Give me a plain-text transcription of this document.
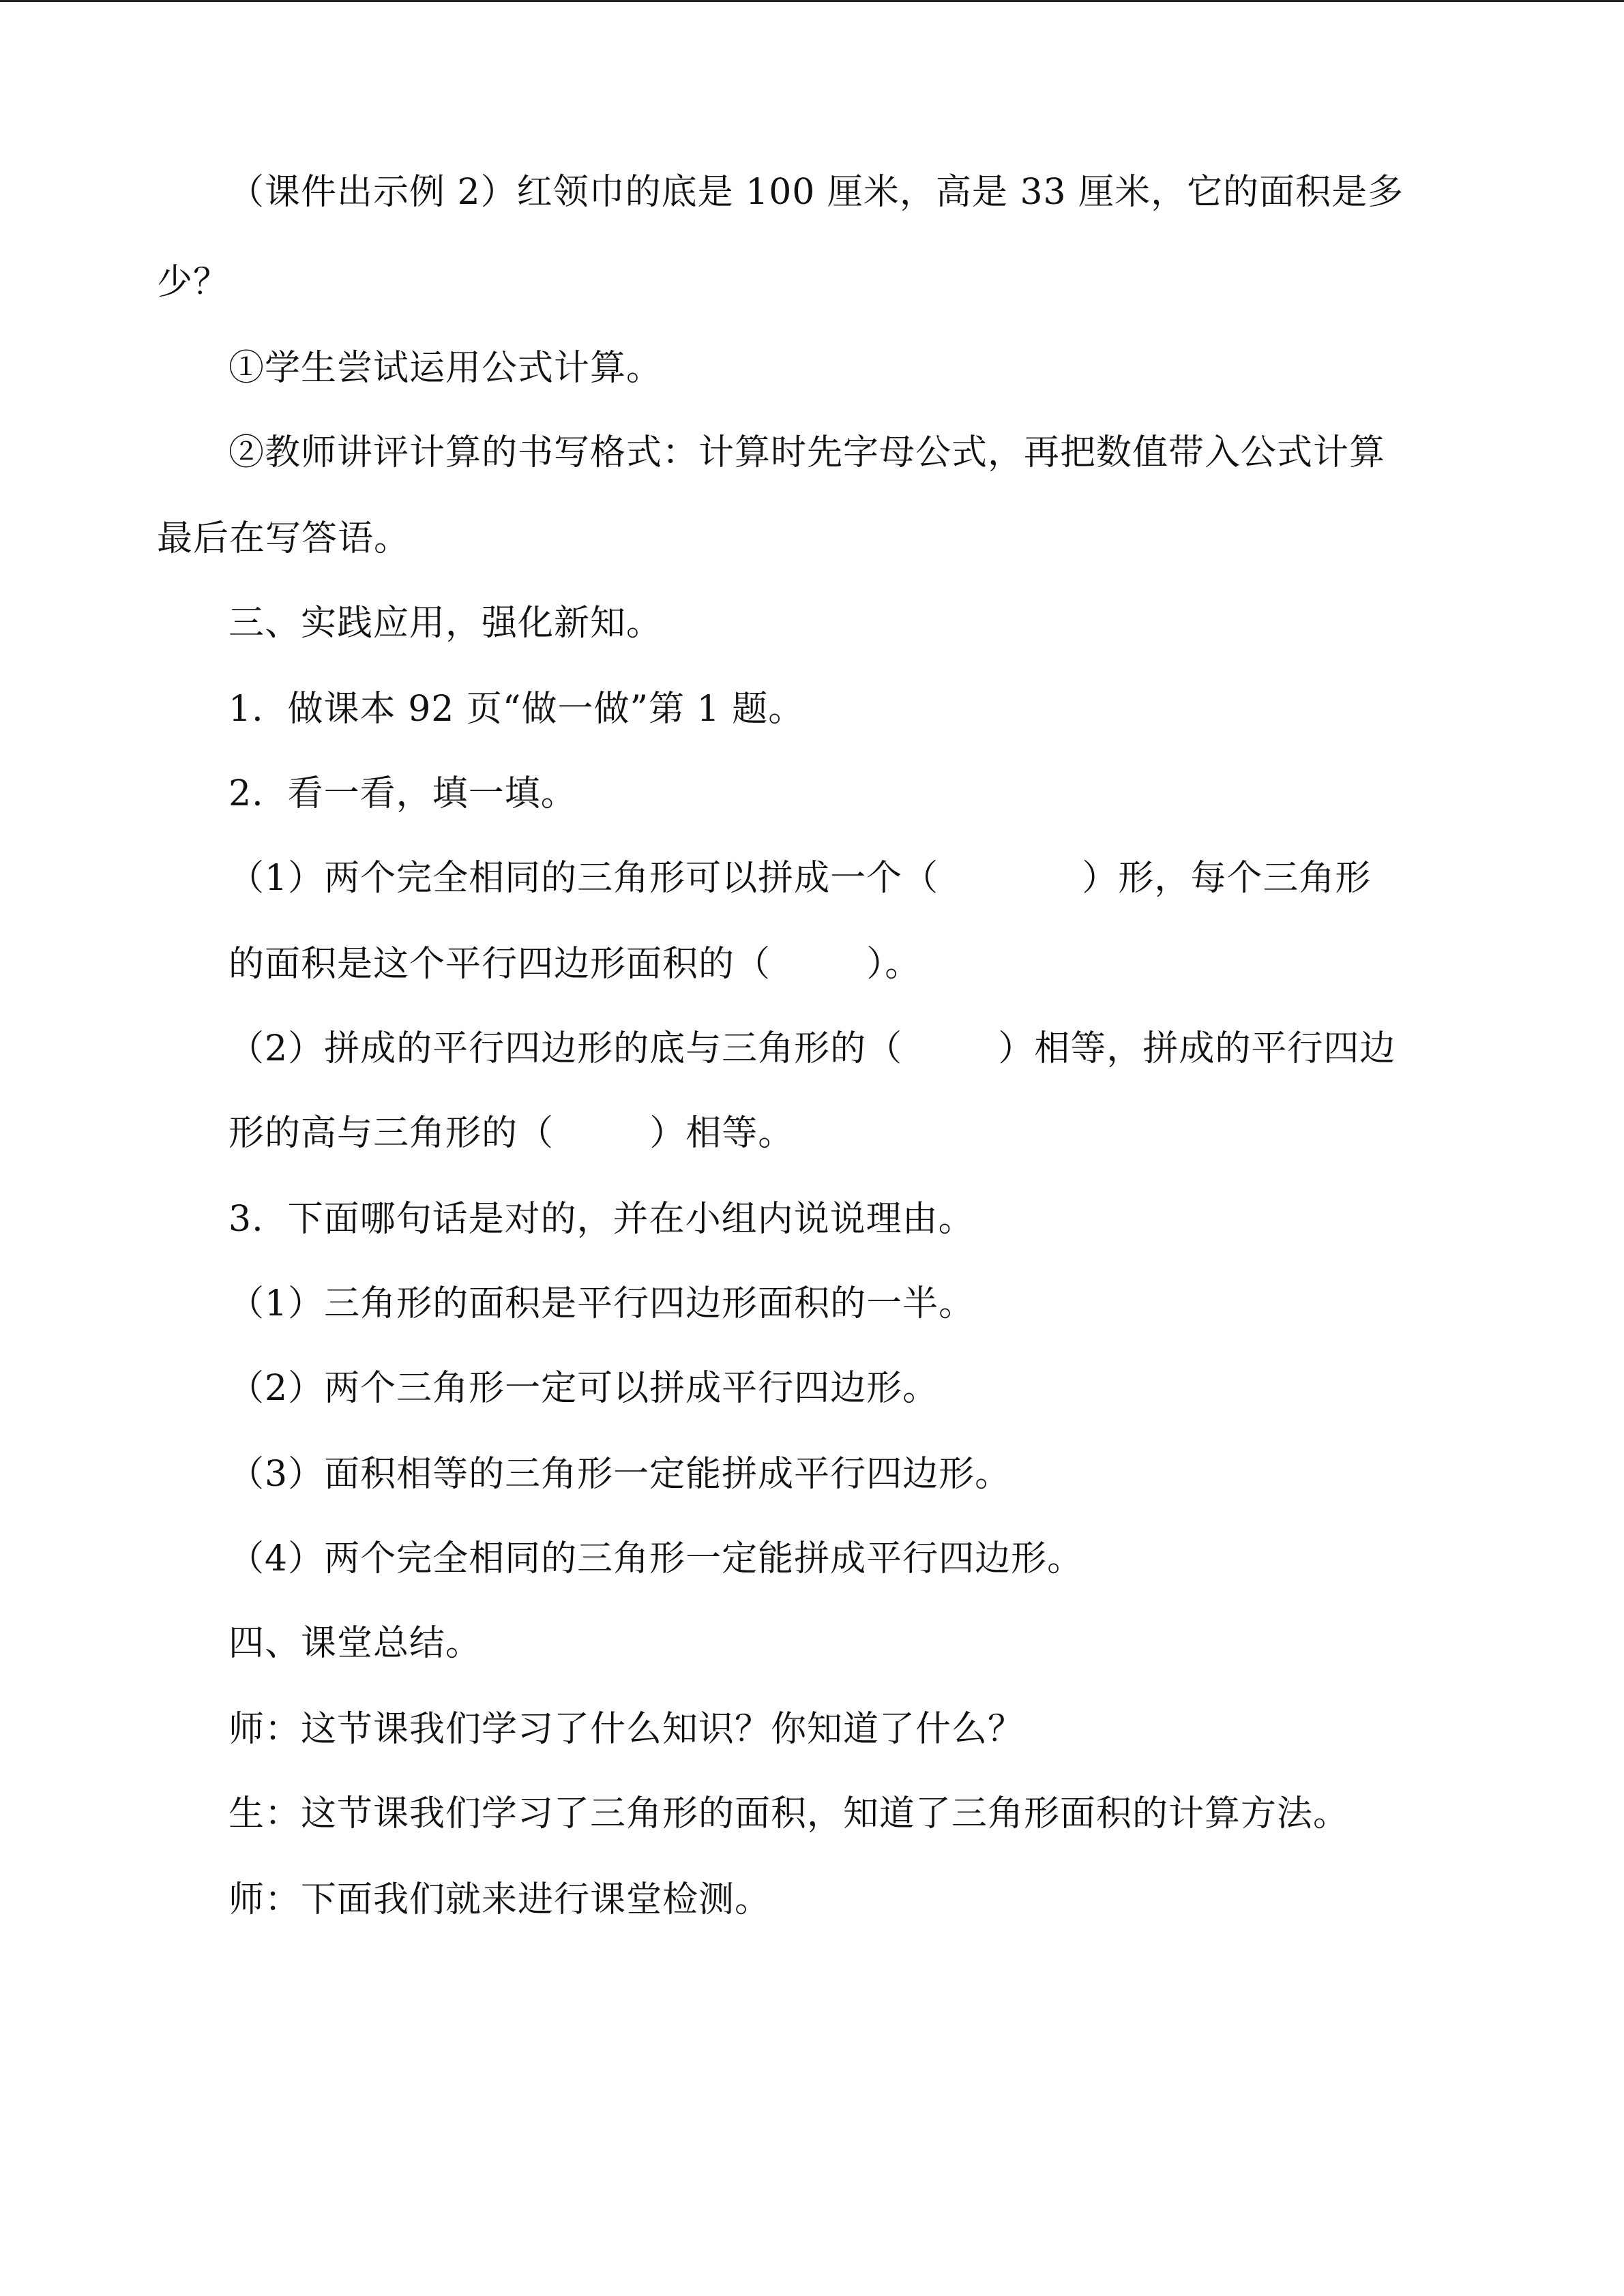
（课件出示例 2）红领巾的底是 100 厘米，高是 33 厘米，它的面积是多
少？
①学生尝试运用公式计算。
②教师讲评计算的书写格式：计算时先字母公式，再把数值带入公式计算
最后在写答语。
三、实践应用，强化新知。
1.  做课本 92 页“做一做”第 1 题。
2.  看一看，填一填。
（1）两个完全相同的三角形可以拼成一个（            ）形，每个三角形
的面积是这个平行四边形面积的（        ）。
（2）拼成的平行四边形的底与三角形的（        ）相等，拼成的平行四边
形的高与三角形的（        ）相等。
3.  下面哪句话是对的，并在小组内说说理由。
（1）三角形的面积是平行四边形面积的一半。
（2）两个三角形一定可以拼成平行四边形。
（3）面积相等的三角形一定能拼成平行四边形。
（4）两个完全相同的三角形一定能拼成平行四边形。
四、课堂总结。
师：这节课我们学习了什么知识？你知道了什么？
生：这节课我们学习了三角形的面积，知道了三角形面积的计算方法。
师：下面我们就来进行课堂检测。
